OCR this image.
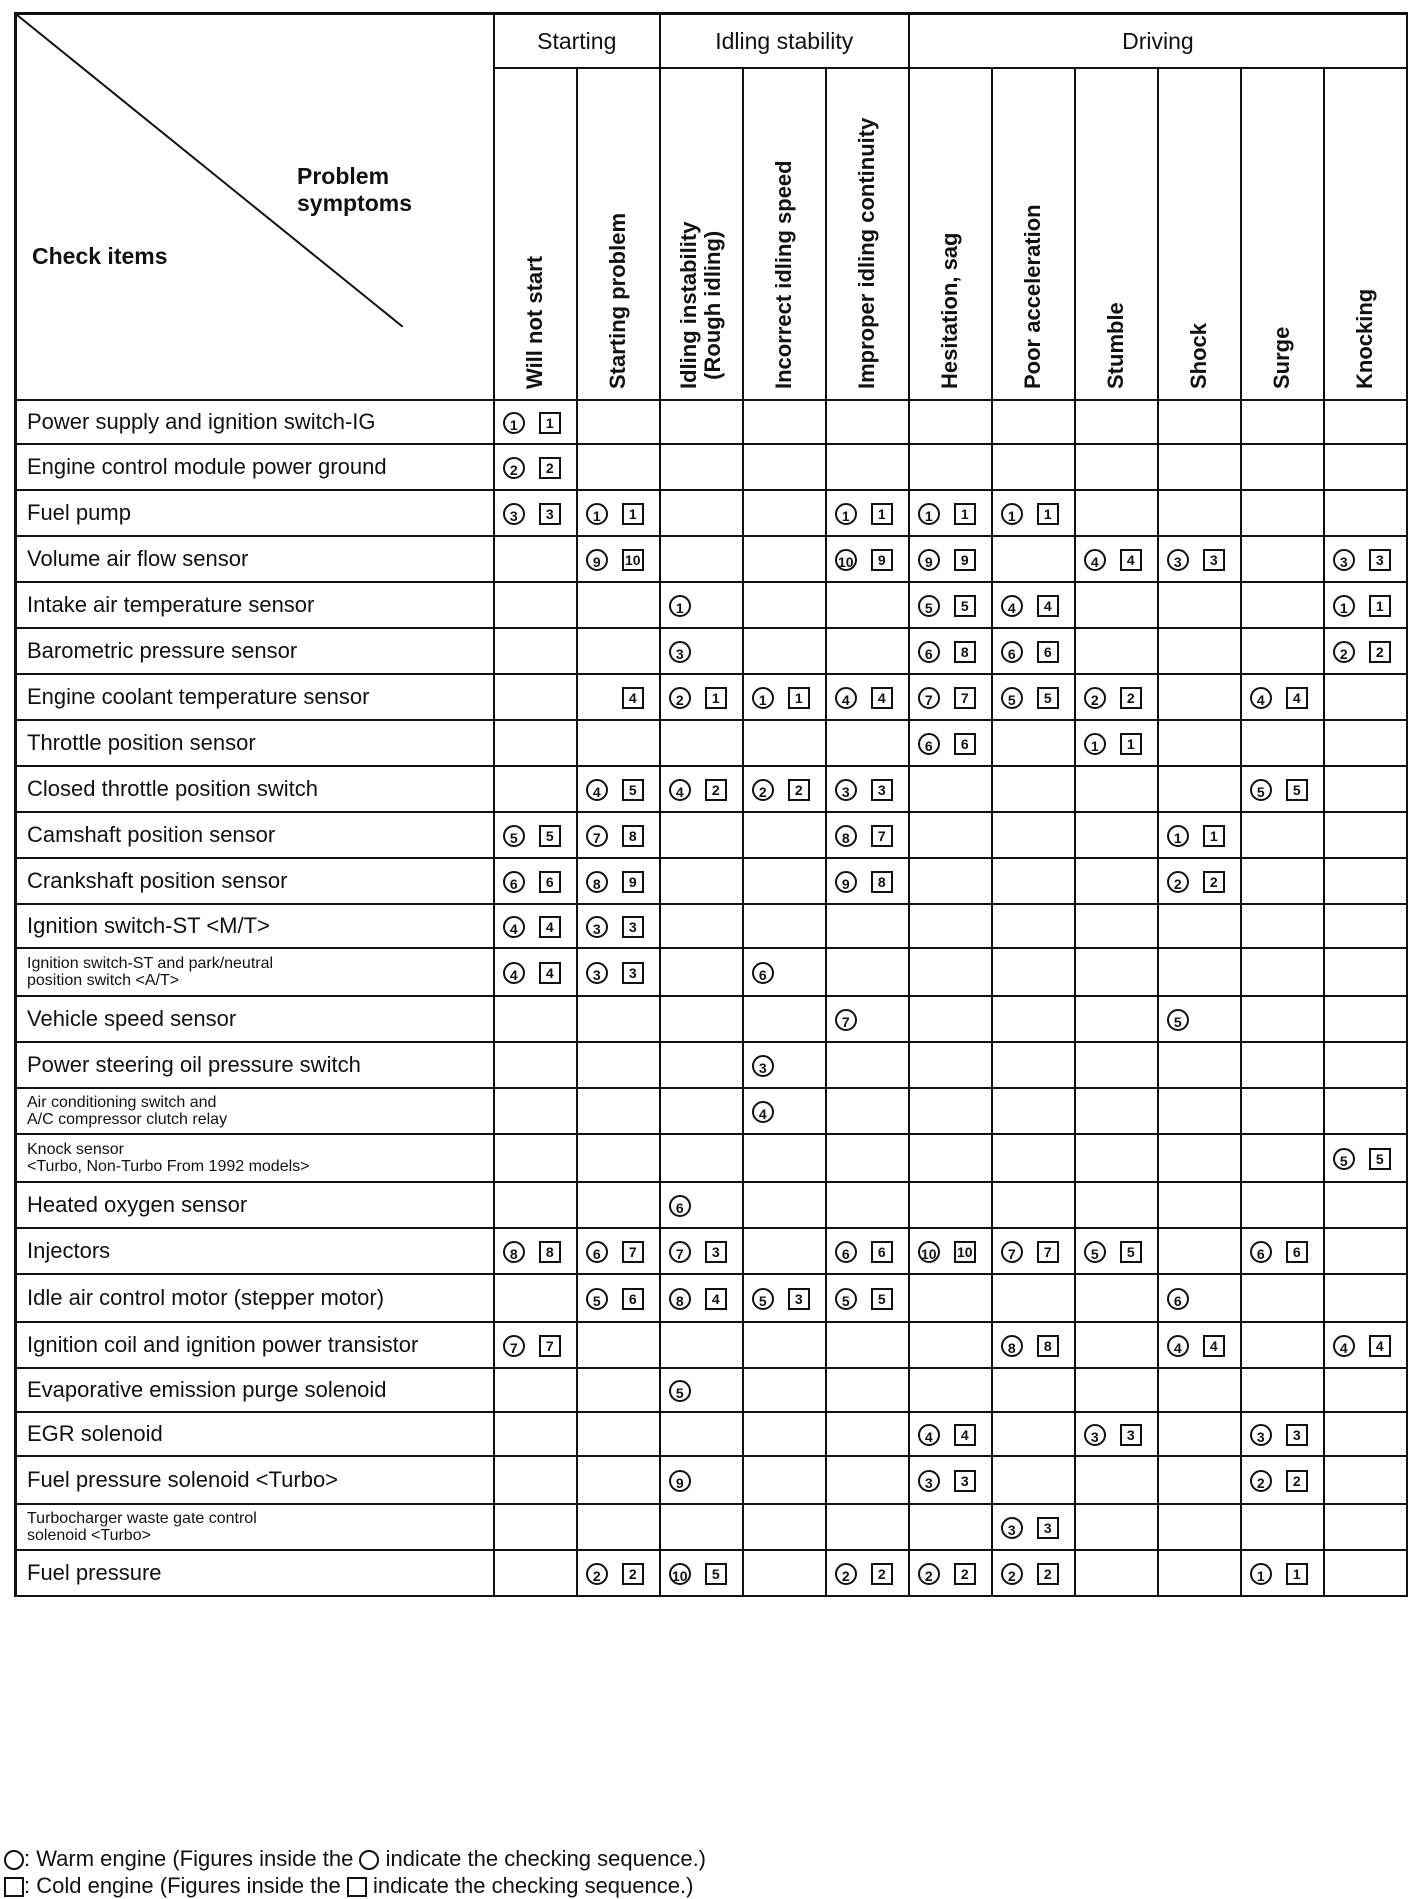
Problem
symptoms
Check items	Starting		Idling stability			Driving					

	Will not start	Starting problem	Idling instability (Rough idling)	Incorrect idling speed	Improper idling continuity	Hesitation, sag	Poor acceleration	Stumble	Shock	Surge	Knocking

Power supply and ignition switch-IG	1 1										

Engine control module power ground	2 2										

Fuel pump	3 3	1 1			1 1	1 1	1 1				

Volume air flow sensor		9 10			10 9	9 9		4 4	3 3		3 3

Intake air temperature sensor			1			5 5	4 4				1 1

Barometric pressure sensor			3			6 8	6 6				2 2

Engine coolant temperature sensor		4	2 1	1 1	4 4	7 7	5 5	2 2		4 4	

Throttle position sensor						6 6		1 1			

Closed throttle position switch		4 5	4 2	2 2	3 3					5 5	

Camshaft position sensor	5 5	7 8			8 7				1 1		

Crankshaft position sensor	6 6	8 9			9 8				2 2		

Ignition switch-ST <M/T>	4 4	3 3									

Ignition switch-ST and park/neutral
position switch <A/T>	4 4	3 3		6							

Vehicle speed sensor					7				5		

Power steering oil pressure switch				3							

Air conditioning switch and
A/C compressor clutch relay				4							

Knock sensor
<Turbo, Non-Turbo From 1992 models>											5 5

Heated oxygen sensor			6								

Injectors	8 8	6 7	7 3		6 6	10 10	7 7	5 5		6 6	

Idle air control motor (stepper motor)		5 6	8 4	5 3	5 5				6		

Ignition coil and ignition power transistor	7 7						8 8		4 4		4 4

Evaporative emission purge solenoid			5								

EGR solenoid						4 4		3 3		3 3	

Fuel pressure solenoid <Turbo>			9			3 3				2 2	

Turbocharger waste gate control
solenoid <Turbo>							3 3				

Fuel pressure		2 2	10 5		2 2	2 2	2 2			1 1	
: Warm engine (Figures inside the indicate the checking sequence.)
: Cold engine (Figures inside the indicate the checking sequence.)
